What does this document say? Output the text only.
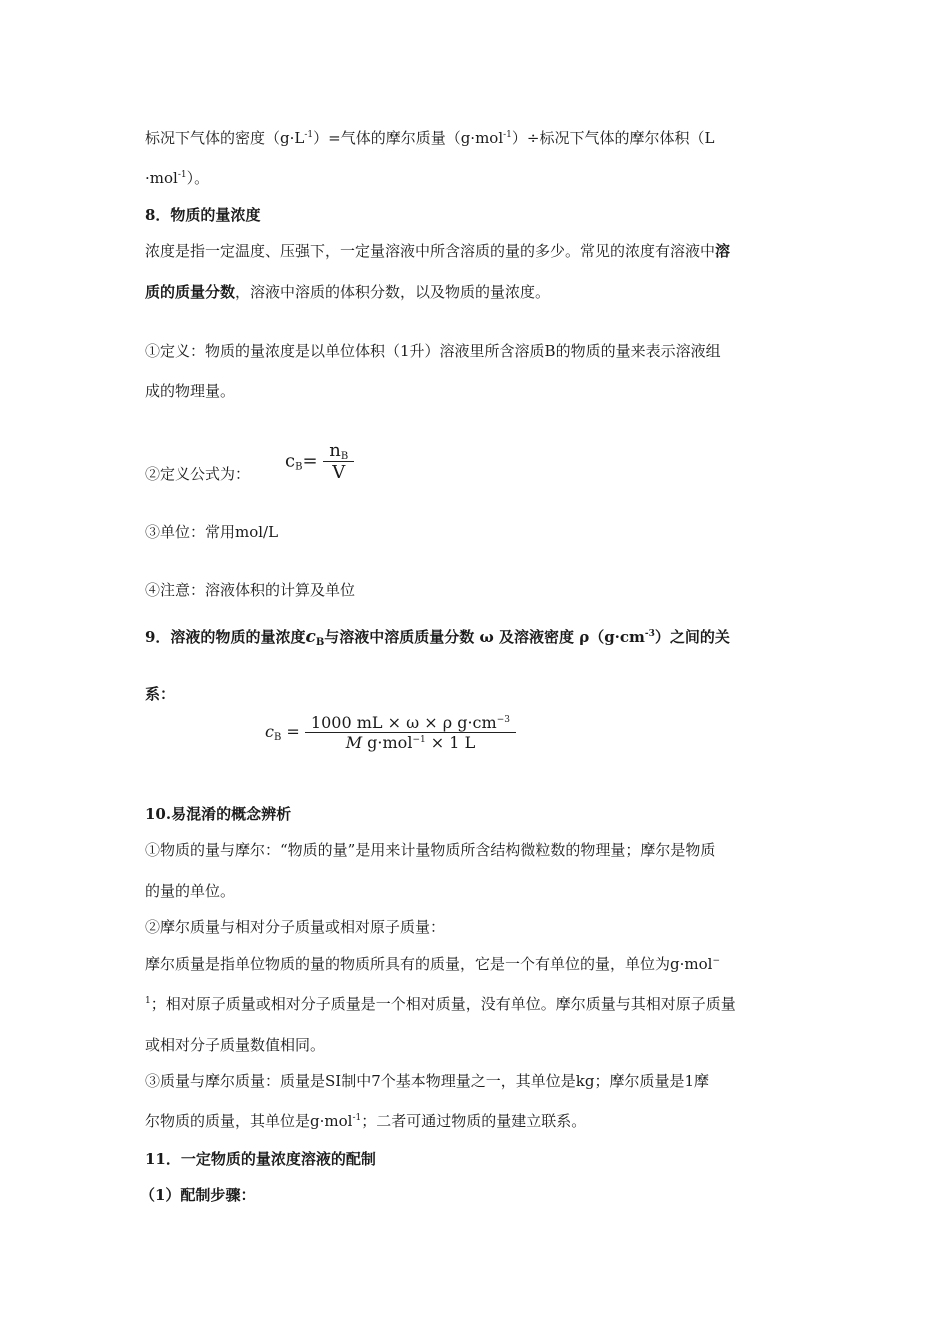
标况下气体的密度$(g\cdot L^{-1})=$气体的摩尔质量（g·mol$^{-1}$）÷标况下气体的摩尔体积（L
·mol$^{-1}$）。
8．物质的量浓度
浓度是指一定温度、压强下，一定量溶液中所含溶质的量的多少。常见的浓度有溶液中溶
质的质量分数，溶液中溶质的体积分数，以及物质的量浓度。
①定义：物质的量浓度是以单位体积（1升）溶液里所含溶质B的物质的量来表示溶液组
成的物理量。
②定义公式为：
$c_B= \frac{n_B}{V}$
③单位：常用mol/L
④注意：溶液体积的计算及单位
9．溶液的物质的量浓度$c_B$与溶液中溶质质量分数 ω 及溶液密度 $\rho(g\cdot cm^{-3})$之间的关
系：
$c_B = \frac{1000 mL \times \omega \times \rho g\cdot cm^{-3}}{M g\cdot mol^{-1} \times 1 L}$
10.易混淆的概念辨析
①物质的量与摩尔：“物质的量”是用来计量物质所含结构微粒数的物理量；摩尔是物质
的量的单位。
②摩尔质量与相对分子质量或相对原子质量：
摩尔质量是指单位物质的量的物质所具有的质量，它是一个有单位的量，单位为g·mol−
$^1$；相对原子质量或相对分子质量是一个相对质量，没有单位。摩尔质量与其相对原子质量
或相对分子质量数值相同。
③质量与摩尔质量：质量是SI制中7个基本物理量之一，其单位是kg；摩尔质量是1摩
尔物质的质量，其单位是g·mol$^{-1}$；二者可通过物质的量建立联系。
11．一定物质的量浓度溶液的配制
（1）配制步骤：
